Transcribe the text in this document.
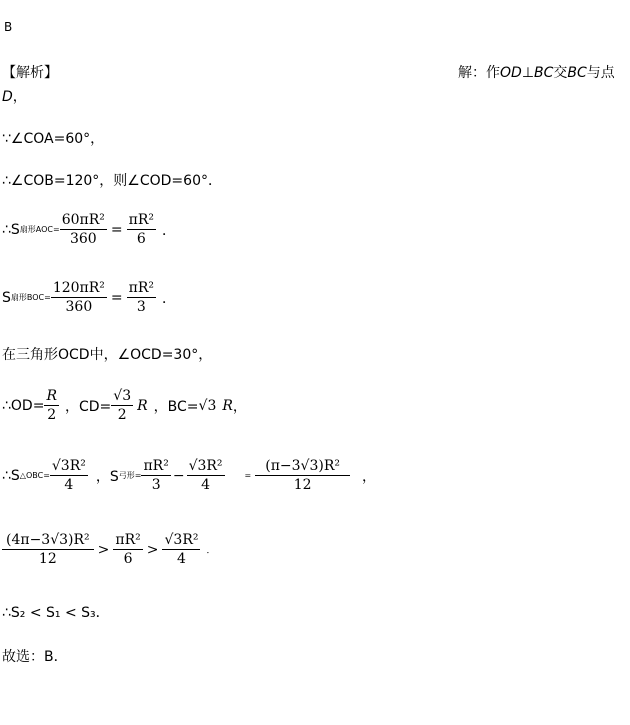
B
【解析】	解：作OD⊥BC交BC与点
D，
∵∠COA=60°，
∴∠COB=120°，则∠COD=60°．
∴S 扇形AOC = $\frac{\text{60πR²}}{360} = \frac{\text{πR²}}{6}$ ．
S 扇形BOC = $\frac{\text{120πR²}}{360} = \frac{\text{πR²}}{3}$ ．
在三角形OCD中，∠OCD=30°，
∴OD= $\frac{R}{2}$ ，$CD= \frac{√3}{2}$ R ，BC= √3 R ，
∴S △OBC = $\frac{\text{√3R²}}{4}$ ，S 弓形 = $\frac{\text{πR²}}{3} - \frac{\text{√3R²}}{4}$	= $\frac{\text{(π−3√3)R²}}{12}$ ，
$\frac{\text{(4π−3√3)R²}}{12} > \frac{\text{πR²}}{6} > \frac{\text{√3R²}}{4}$ ．
∴S₂ < S₁ < S₃．
故选：B．
